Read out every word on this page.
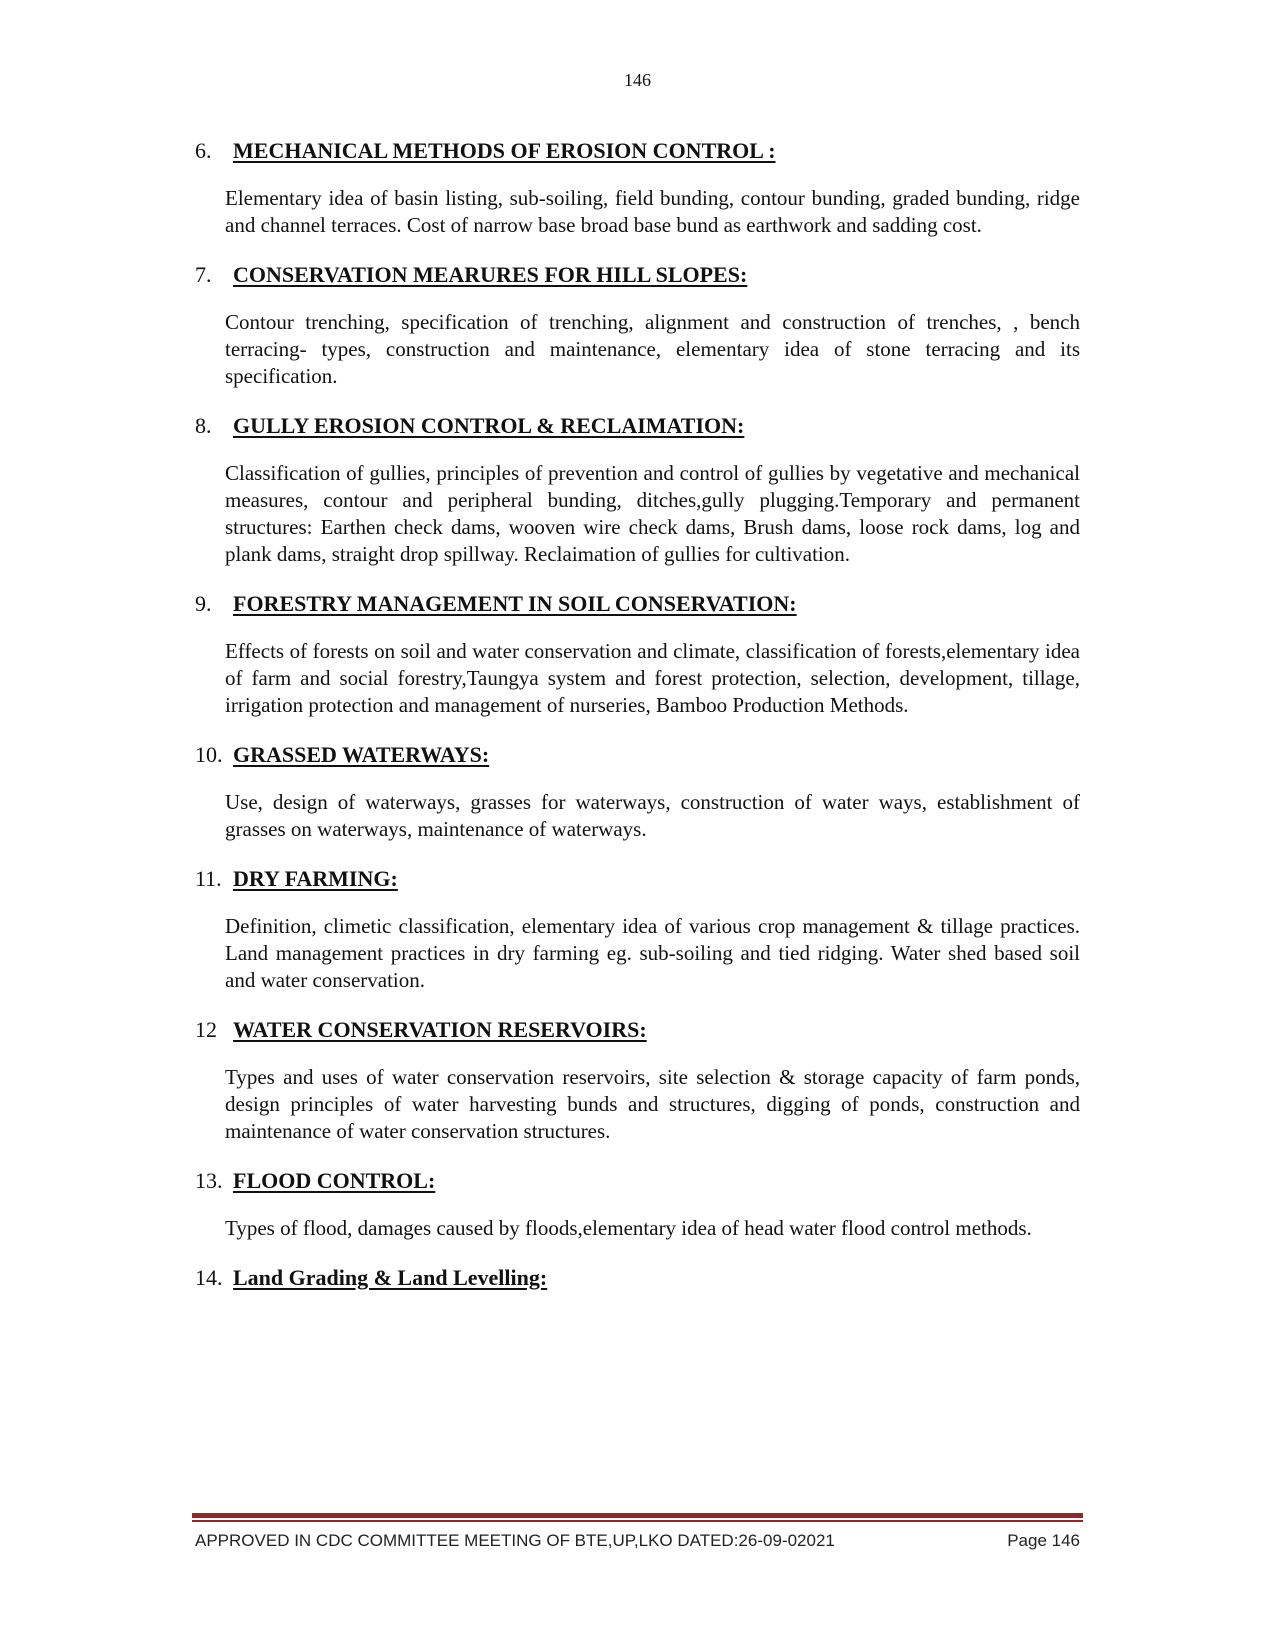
146
6. MECHANICAL METHODS OF EROSION CONTROL :
Elementary idea of basin listing, sub-soiling, field bunding, contour bunding, graded bunding, ridge and channel terraces. Cost of narrow base broad base bund as earthwork and sadding cost.
7. CONSERVATION MEARURES FOR HILL SLOPES:
Contour trenching, specification of trenching, alignment and construction of trenches, , bench terracing- types, construction and maintenance, elementary idea of stone terracing and its specification.
8. GULLY EROSION CONTROL & RECLAIMATION:
Classification of gullies, principles of prevention and control of gullies by vegetative and mechanical measures, contour and peripheral bunding, ditches,gully plugging.Temporary and permanent structures: Earthen check dams, wooven wire check dams, Brush dams, loose rock dams, log and plank dams, straight drop spillway. Reclaimation of gullies for cultivation.
9. FORESTRY MANAGEMENT IN SOIL CONSERVATION:
Effects of forests on soil and water conservation and climate, classification of forests,elementary idea of farm and social forestry,Taungya system and forest protection, selection, development, tillage, irrigation protection and management of nurseries, Bamboo Production Methods.
10. GRASSED WATERWAYS:
Use, design of waterways, grasses for waterways, construction of water ways, establishment of grasses on waterways, maintenance of waterways.
11. DRY FARMING:
Definition, climetic classification, elementary idea of various crop management & tillage practices. Land management practices in dry farming eg. sub-soiling and tied ridging. Water shed based soil and water conservation.
12 WATER CONSERVATION RESERVOIRS:
Types and uses of water conservation reservoirs, site selection & storage capacity of farm ponds, design principles of water harvesting bunds and structures, digging of ponds, construction and maintenance of water conservation structures.
13. FLOOD CONTROL:
Types of flood, damages caused by floods,elementary idea of head water flood control methods.
14. Land Grading & Land Levelling:
APPROVED IN CDC COMMITTEE MEETING OF BTE,UP,LKO DATED:26-09-02021	Page 146
